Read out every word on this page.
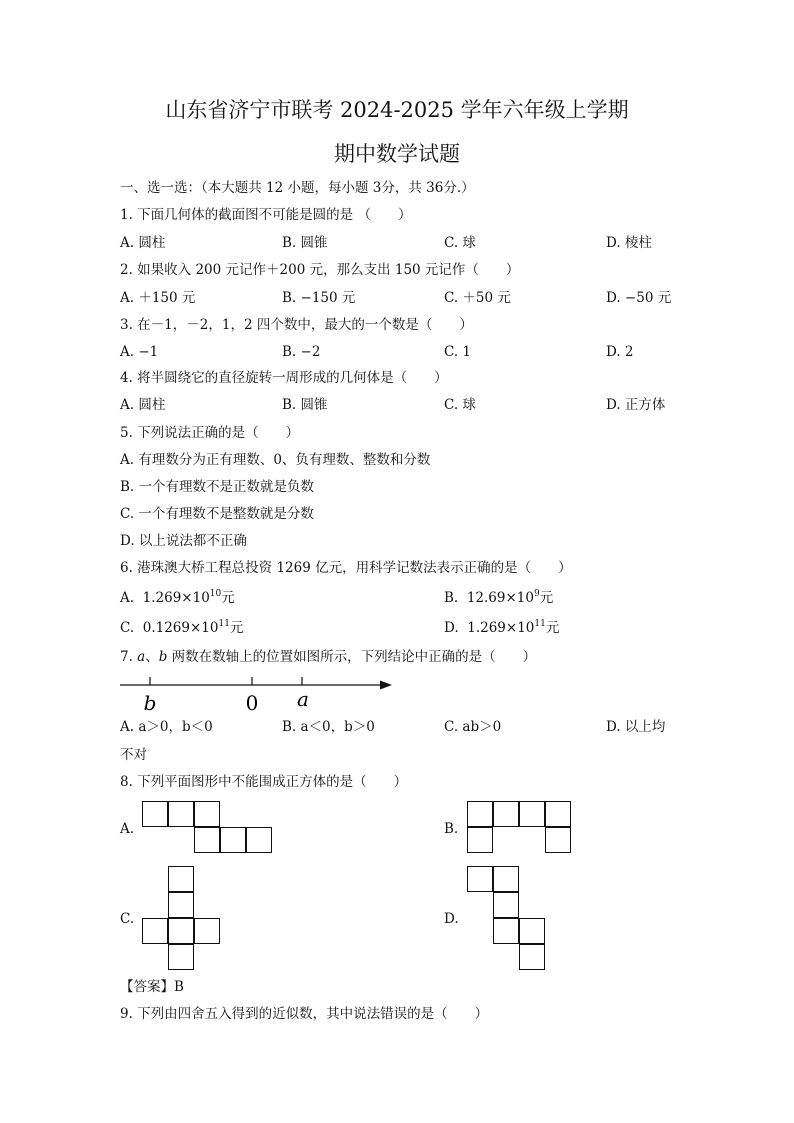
山东省济宁市联考 2024-2025 学年六年级上学期
期中数学试题
一、选一选：（本大题共 12 小题，每小题 3分，共 36分.）
1. 下面几何体的截面图不可能是圆的是 （　　）
A. 圆柱	B. 圆锥	C. 球	D. 棱柱
2. 如果收入 200 元记作＋200 元，那么支出 150 元记作（　　）
A. ＋150 元	B. −150 元	C. ＋50 元	D. −50 元
3. 在－1，－2，1，2 四个数中，最大的一个数是（　　）
A. −1	B. −2	C. 1	D. 2
4. 将半圆绕它的直径旋转一周形成的几何体是（　　）
A. 圆柱	B. 圆锥	C. 球	D. 正方体
5. 下列说法正确的是（　　）
A. 有理数分为正有理数、0、负有理数、整数和分数
B. 一个有理数不是正数就是负数
C. 一个有理数不是整数就是分数
D. 以上说法都不正确
6. 港珠澳大桥工程总投资 1269 亿元，用科学记数法表示正确的是（　　）
A. $1.269\times 10^{10}$元	B. $12.69\times 10^9$元
C. $0.1269\times 10^{11}$元	D. $1.269\times 10^{11}$元
7. a、b 两数在数轴上的位置如图所示，下列结论中正确的是（　　）
b	0 a
A. a＞0，b＜0	B. a＜0，b＞0	C. ab＞0	D. 以上均
不对
8. 下列平面图形中不能围成正方体的是（　　）
A.	B.
C.	D.
【答案】B
9. 下列由四舍五入得到的近似数，其中说法错误的是（　　）
